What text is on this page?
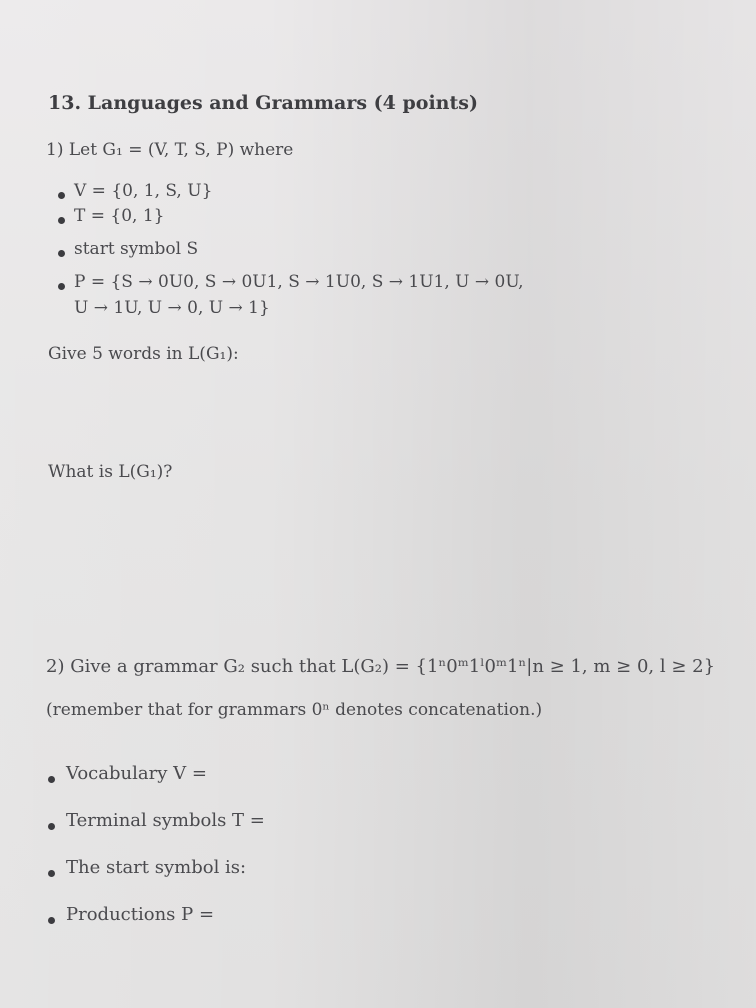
13. Languages and Grammars (4 points)
1) Let G₁ = (V, T, S, P) where
V = {0, 1, S, U}
T = {0, 1}
start symbol S
P = {S → 0U0, S → 0U1, S → 1U0, S → 1U1, U → 0U,
U → 1U, U → 0, U → 1}
Give 5 words in L(G₁):
What is L(G₁)?
2) Give a grammar G₂ such that L(G₂) = {1ⁿ0ᵐ1ˡ0ᵐ1ⁿ|n ≥ 1, m ≥ 0, l ≥ 2}
(remember that for grammars 0ⁿ denotes concatenation.)
Vocabulary V =
Terminal symbols T =
The start symbol is:
Productions P =
